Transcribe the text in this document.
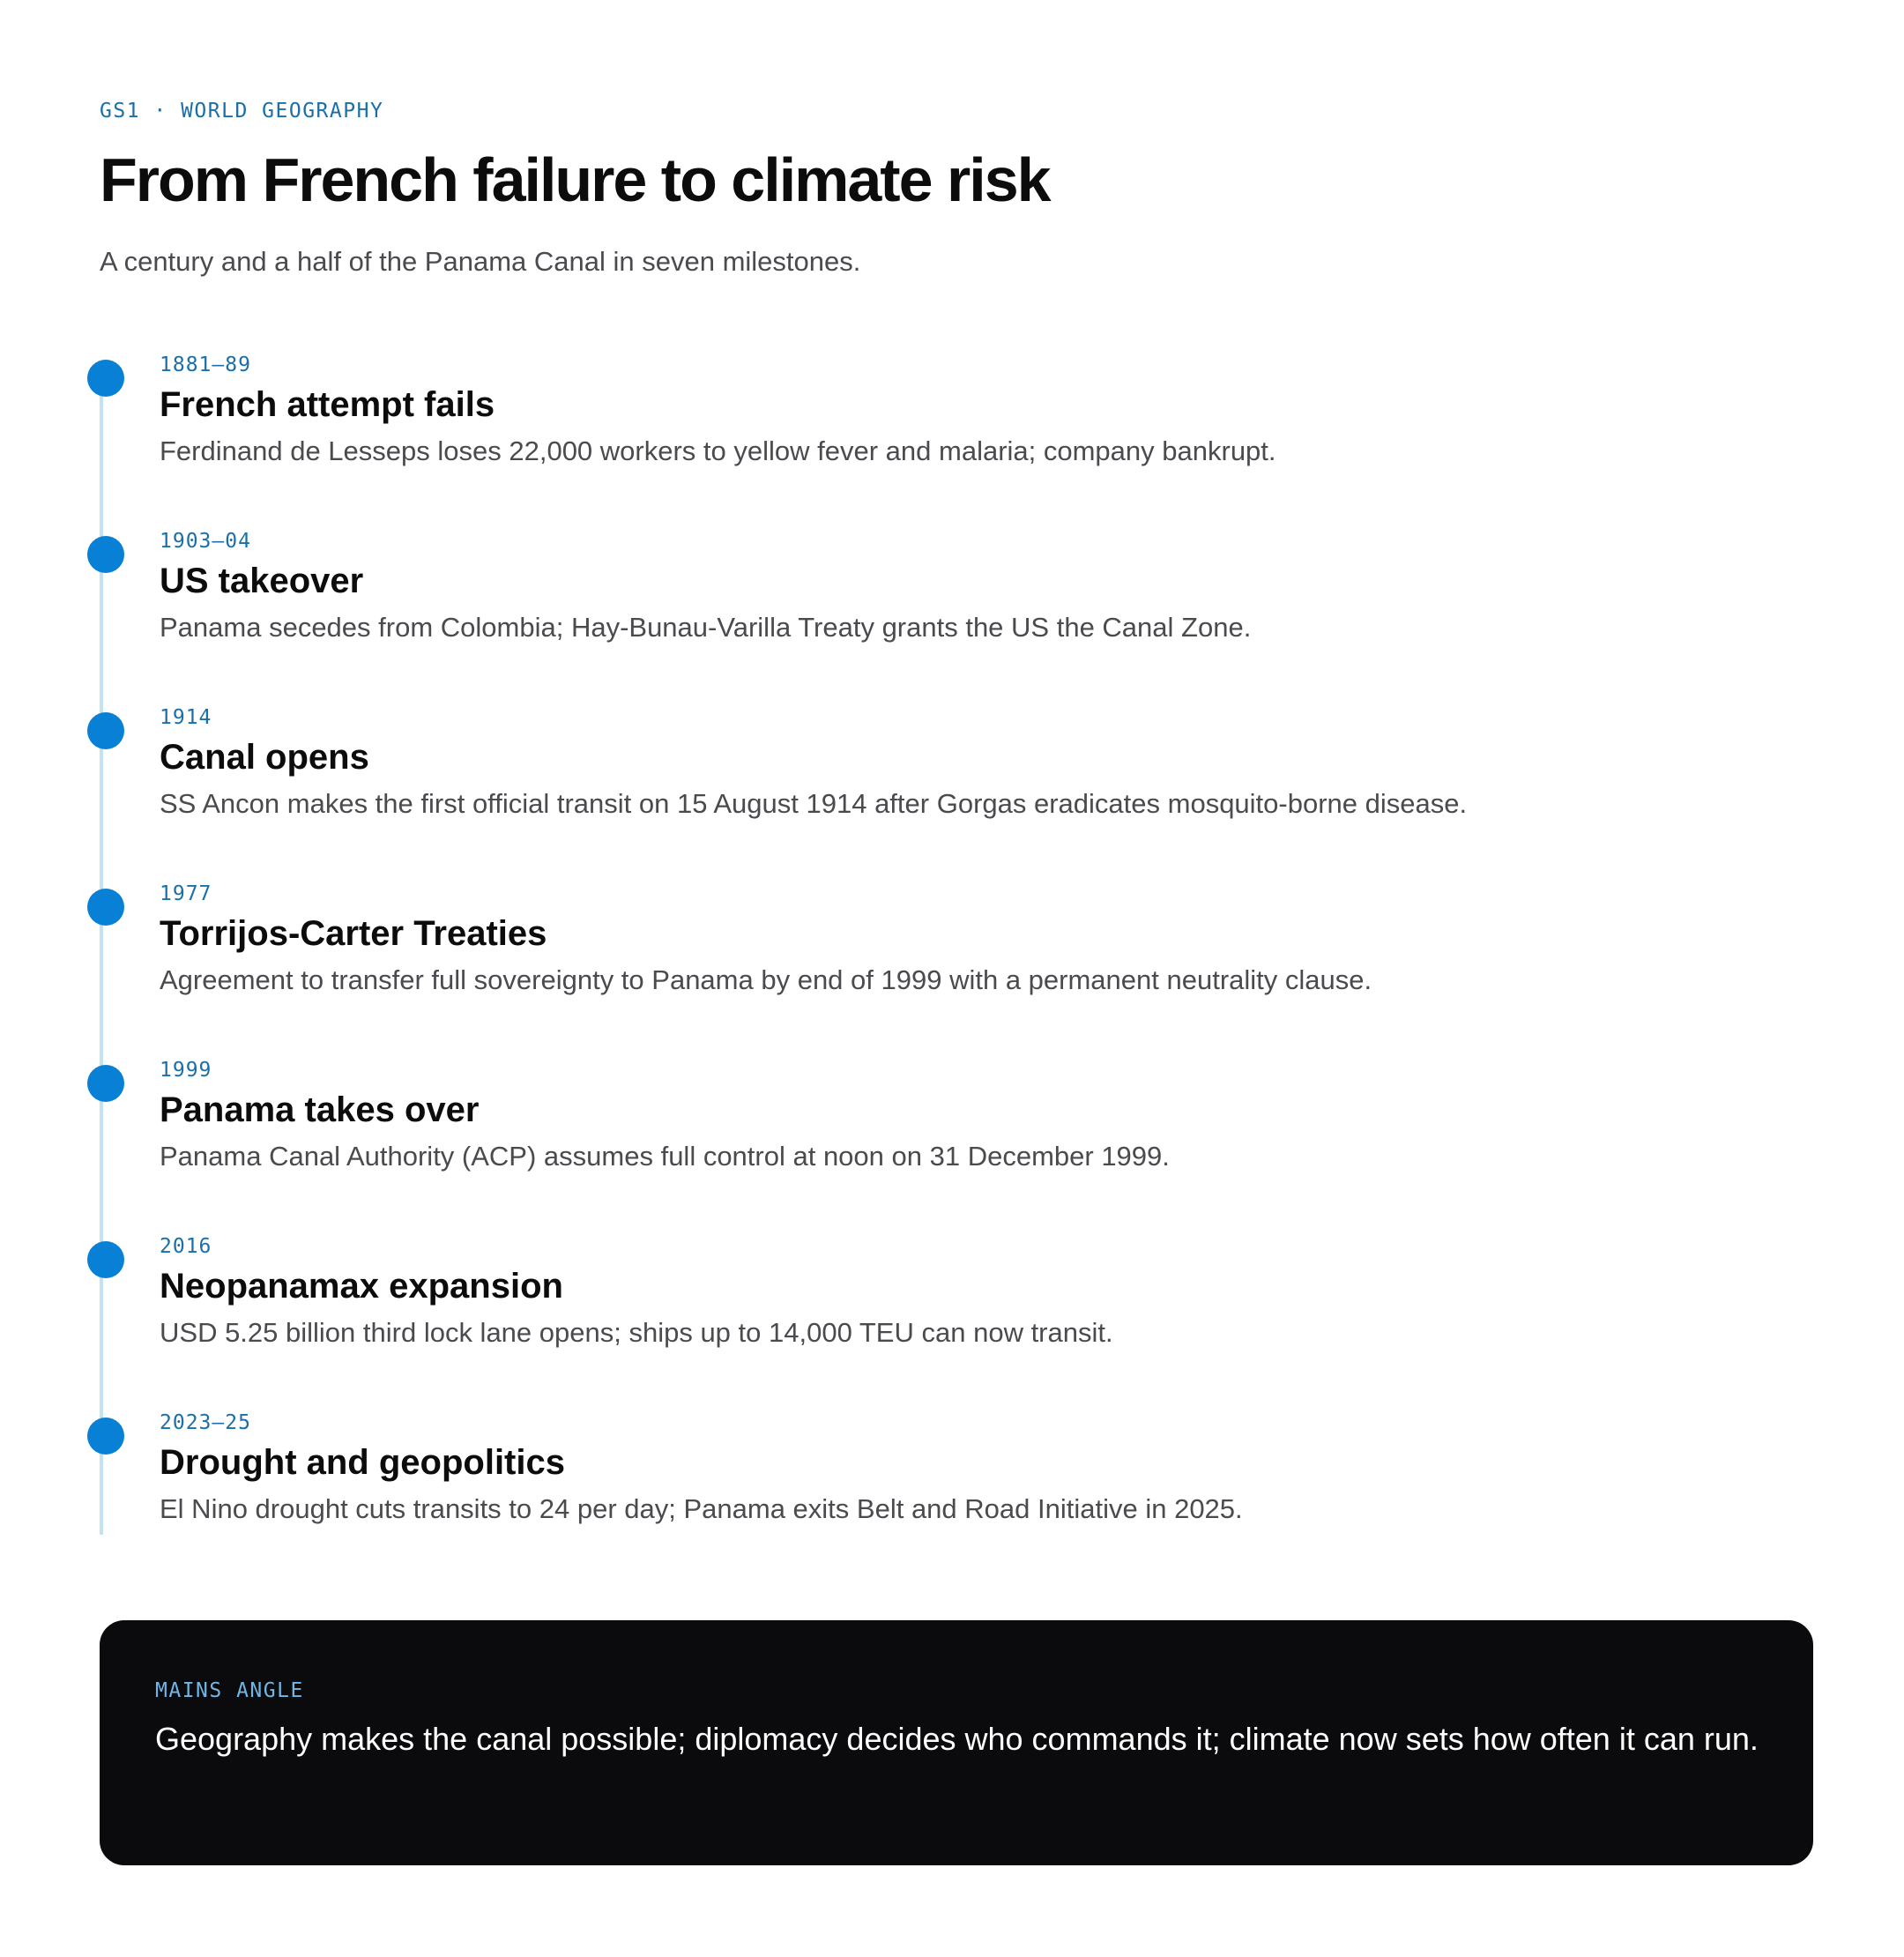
GS1 · WORLD GEOGRAPHY
From French failure to climate risk
A century and a half of the Panama Canal in seven milestones.
1881–89
French attempt fails
Ferdinand de Lesseps loses 22,000 workers to yellow fever and malaria; company bankrupt.
1903–04
US takeover
Panama secedes from Colombia; Hay-Bunau-Varilla Treaty grants the US the Canal Zone.
1914
Canal opens
SS Ancon makes the first official transit on 15 August 1914 after Gorgas eradicates mosquito-borne disease.
1977
Torrijos-Carter Treaties
Agreement to transfer full sovereignty to Panama by end of 1999 with a permanent neutrality clause.
1999
Panama takes over
Panama Canal Authority (ACP) assumes full control at noon on 31 December 1999.
2016
Neopanamax expansion
USD 5.25 billion third lock lane opens; ships up to 14,000 TEU can now transit.
2023–25
Drought and geopolitics
El Nino drought cuts transits to 24 per day; Panama exits Belt and Road Initiative in 2025.
MAINS ANGLE
Geography makes the canal possible; diplomacy decides who commands it; climate now sets how often it can run.
